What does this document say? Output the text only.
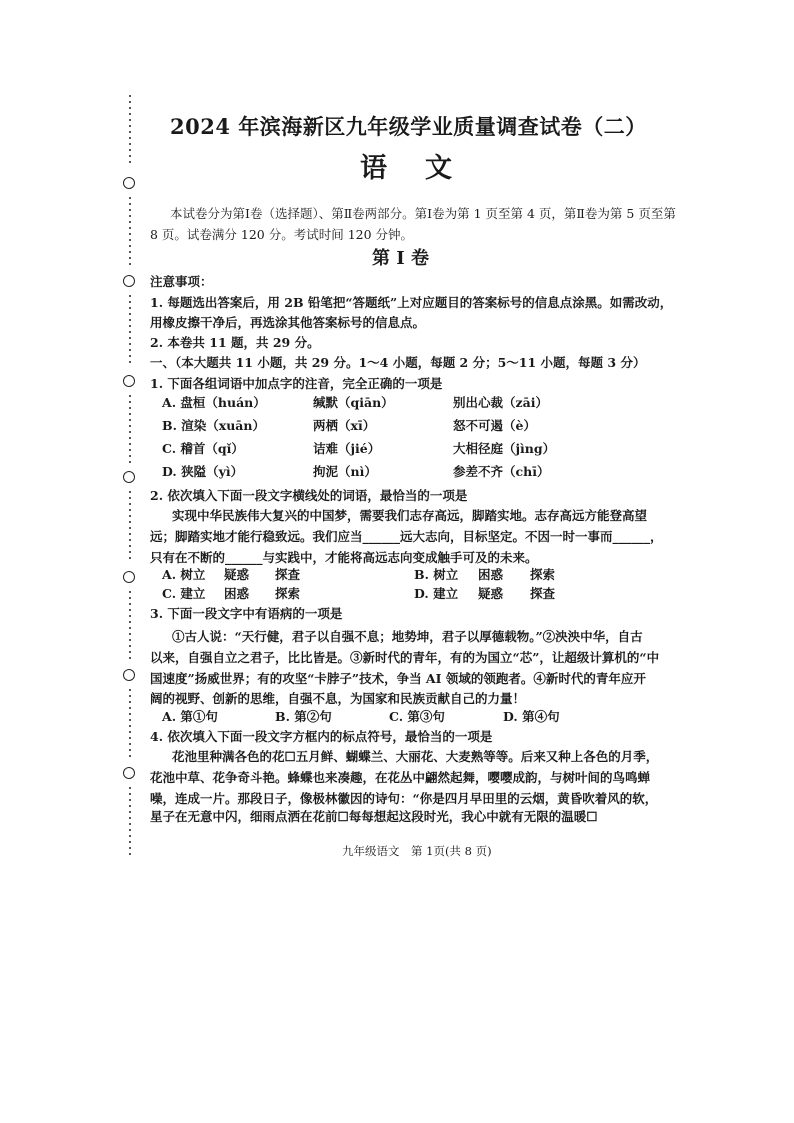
2024 年滨海新区九年级学业质量调查试卷（二）
语文
本试卷分为第Ⅰ卷（选择题）、第Ⅱ卷两部分。第Ⅰ卷为第 1 页至第 4 页，第Ⅱ卷为第 5 页至第
8 页。试卷满分 120 分。考试时间 120 分钟。
第 I 卷
注意事项：
1. 每题选出答案后，用 2B 铅笔把“答题纸”上对应题目的答案标号的信息点涂黑。如需改动，
用橡皮擦干净后，再选涂其他答案标号的信息点。
2. 本卷共 11 题，共 29 分。
一、（本大题共 11 小题，共 29 分。1～4 小题，每题 2 分；5～11 小题，每题 3 分）
1. 下面各组词语中加点字的注音，完全正确的一项是
A. 盘桓（huán）	缄默（qiān）	别出心裁（zāi）
B. 渲染（xuān）	两栖（xī）	怒不可遏（è）
C. 稽首（qǐ）	诘难（jié）	大相径庭（jìng）
D. 狭隘（yì）	拘泥（nì）	参差不齐（chī）
2. 依次填入下面一段文字横线处的词语，最恰当的一项是
实现中华民族伟大复兴的中国梦，需要我们志存高远，脚踏实地。志存高远方能登高望
远；脚踏实地才能行稳致远。我们应当______远大志向，目标坚定。不因一时一事而______，
只有在不断的______与实践中，才能将高远志向变成触手可及的未来。
A. 树立 疑惑 探查	B. 树立 困惑 探索
C. 建立 困惑 探索	D. 建立 疑惑 探查
3. 下面一段文字中有语病的一项是
①古人说：“天行健，君子以自强不息；地势坤，君子以厚德载物。”②泱泱中华，自古
以来，自强自立之君子，比比皆是。③新时代的青年，有的为国立“芯”，让超级计算机的“中
国速度”扬威世界；有的攻坚“卡脖子”技术，争当 AI 领域的领跑者。④新时代的青年应开
阔的视野、创新的思维，自强不息，为国家和民族贡献自己的力量！
A. 第①句	B. 第②句	C. 第③句	D. 第④句
4. 依次填入下面一段文字方框内的标点符号，最恰当的一项是
花池里种满各色的花☐五月鲜、蝴蝶兰、大丽花、大麦熟等等。后来又种上各色的月季，
花池中草、花争奇斗艳。蜂蝶也来凑趣，在花丛中翩然起舞，嘤嘤成韵，与树叶间的鸟鸣蝉
噪，连成一片。那段日子，像极林徽因的诗句：“你是四月早田里的云烟，黄昏吹着风的软，
星子在无意中闪，细雨点洒在花前☐每每想起这段时光，我心中就有无限的温暖☐
九年级语文　第 1页(共 8 页)
